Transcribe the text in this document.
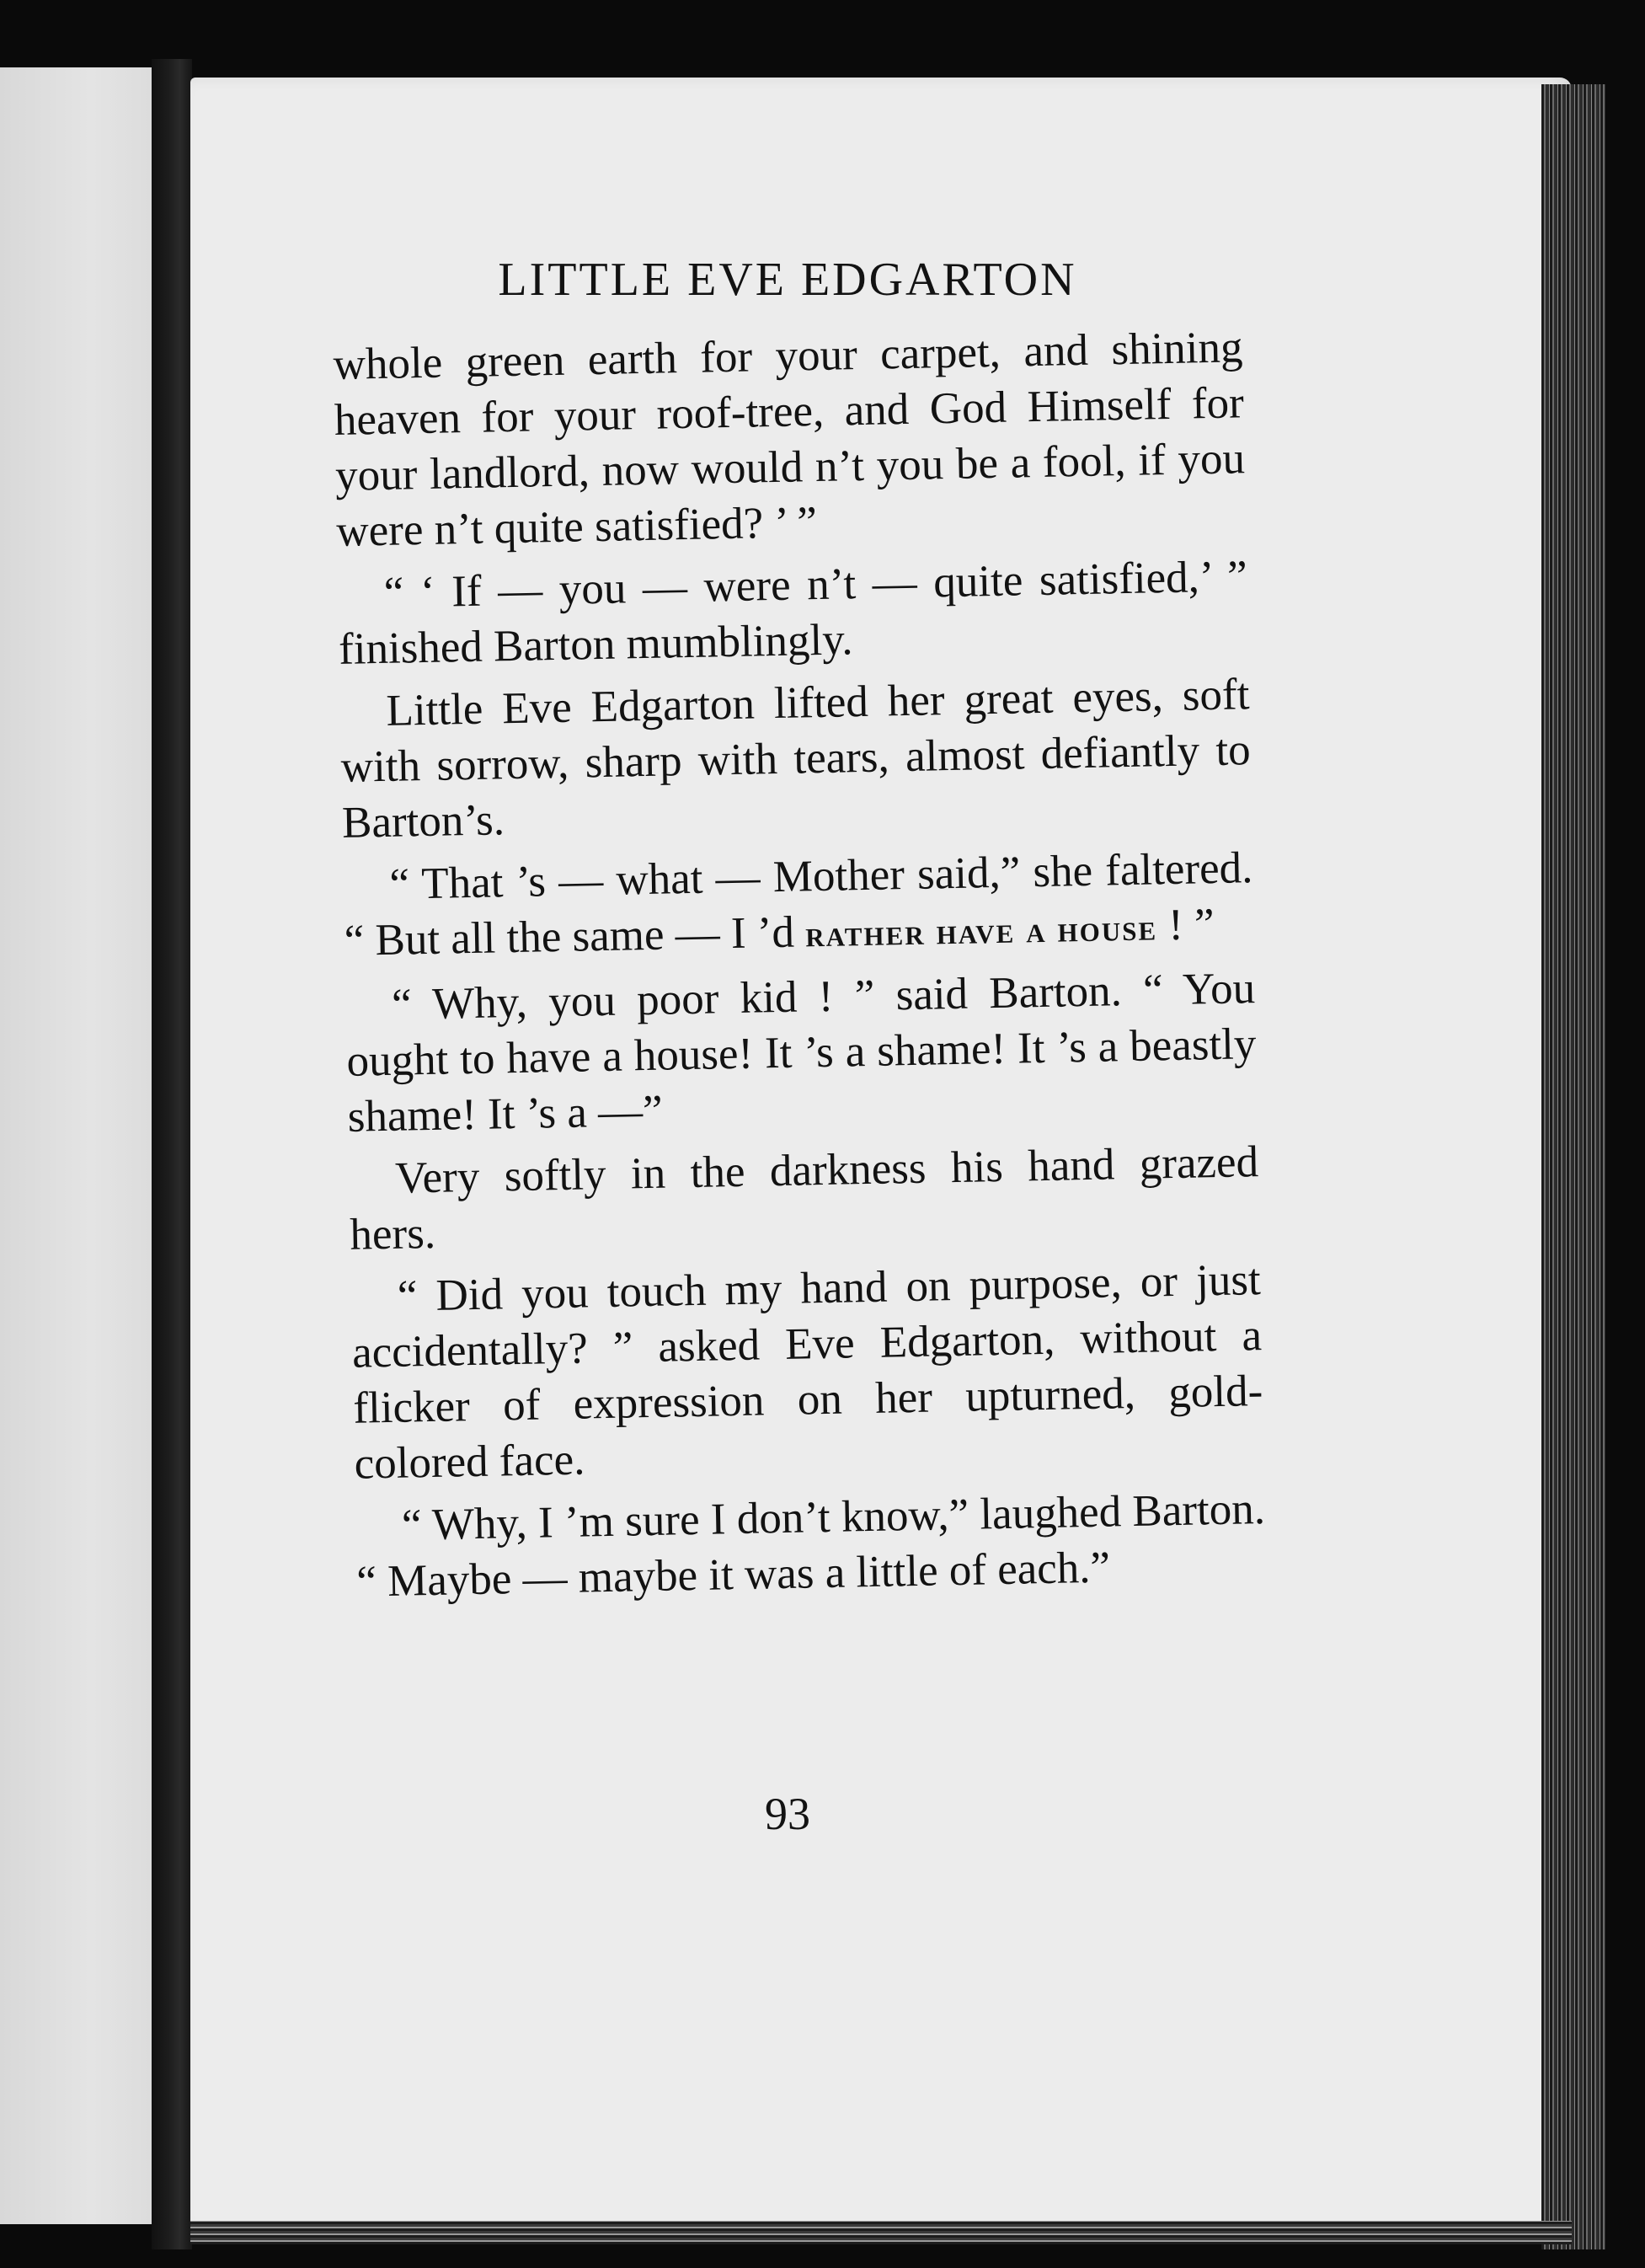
LITTLE EVE EDGARTON

whole green earth for your carpet, and shining heaven for your roof-tree, and God Himself for your landlord, now would n’t you be a fool, if you were n’t quite satisfied? ’ ”

“ ‘ If — you — were n’t — quite satisfied,’ ” finished Barton mumblingly.

Little Eve Edgarton lifted her great eyes, soft with sorrow, sharp with tears, almost defiantly to Barton’s.

“ That ’s — what — Mother said,” she faltered. “ But all the same — I ’d rather have a house ! ”

“ Why, you poor kid ! ” said Barton. “ You ought to have a house! It ’s a shame! It ’s a beastly shame! It ’s a —”

Very softly in the darkness his hand grazed hers.

“ Did you touch my hand on purpose, or just accidentally? ” asked Eve Edgarton, without a flicker of expression on her upturned, gold-colored face.

“ Why, I ’m sure I don’t know,” laughed Barton. “ Maybe — maybe it was a little of each.”

93
